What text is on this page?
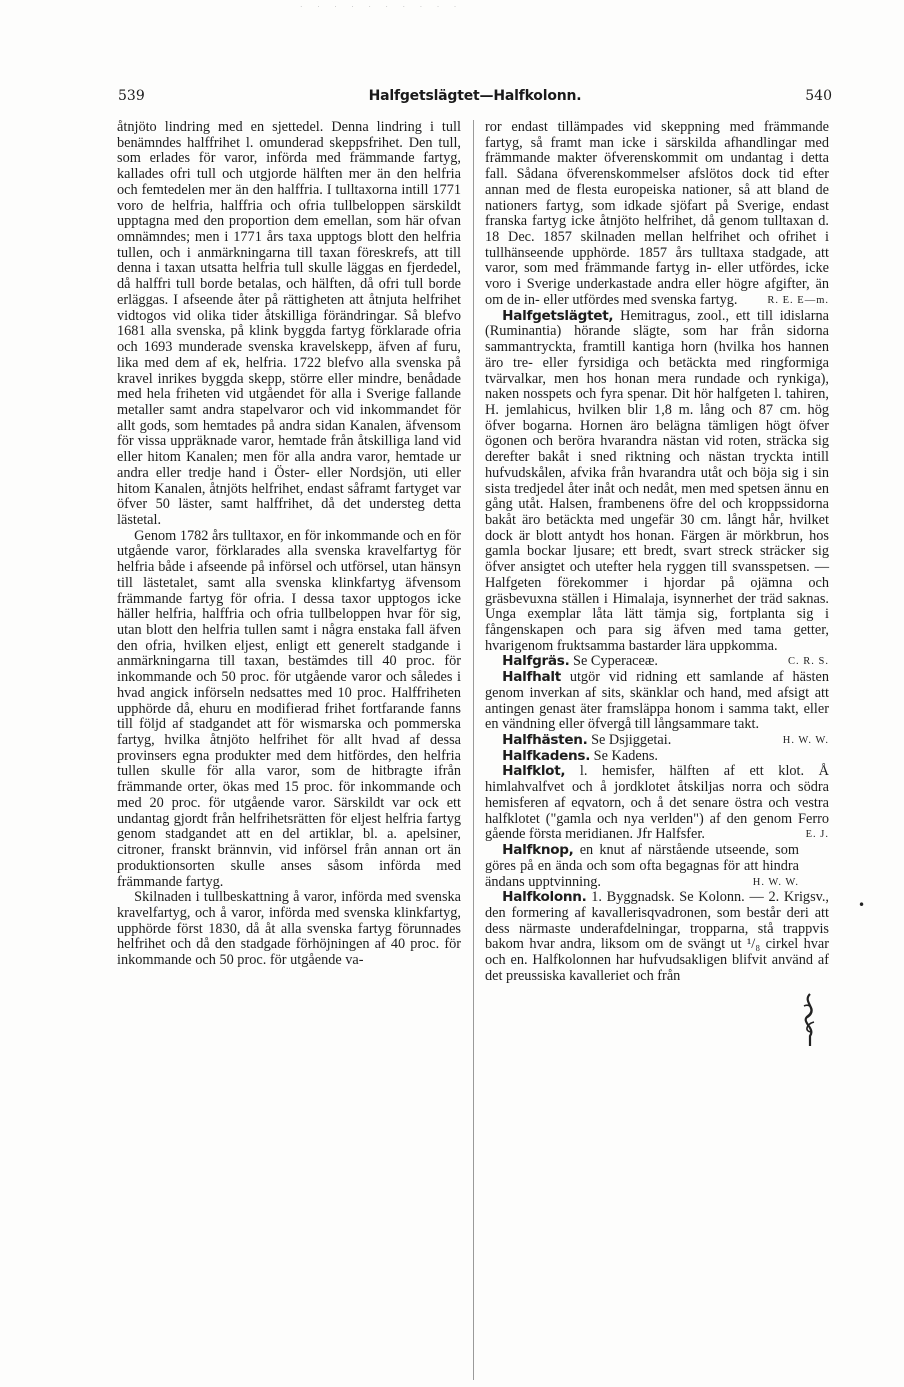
. . . . . . . . . .
539	Halfgetslägtet—Halfkolonn.	540

åtnjöto lindring med en sjettedel. Denna lindring i tull benämndes halffrihet l. omunderad skeppsfrihet. Den tull, som erlades för varor, införda med främmande fartyg, kallades ofri tull och utgjorde hälften mer än den helfria och femtedelen mer än den halffria. I tulltaxorna intill 1771 voro de helfria, halffria och ofria tullbeloppen särskildt upptagna med den proportion dem emellan, som här ofvan omnämndes; men i 1771 års taxa upptogs blott den helfria tullen, och i anmärkningarna till taxan föreskrefs, att till denna i taxan utsatta helfria tull skulle läggas en fjerdedel, då halffri tull borde betalas, och hälften, då ofri tull borde erläggas. I afseende åter på rättigheten att åtnjuta helfrihet vidtogos vid olika tider åtskilliga förändringar. Så blefvo 1681 alla svenska, på klink byggda fartyg förklarade ofria och 1693 munderade svenska kravelskepp, äfven af furu, lika med dem af ek, helfria. 1722 blefvo alla svenska på kravel inrikes byggda skepp, större eller mindre, benådade med hela friheten vid utgåendet för alla i Sverige fallande metaller samt andra stapelvaror och vid inkommandet för allt gods, som hemtades på andra sidan Kanalen, äfvensom för vissa uppräknade varor, hemtade från åtskilliga land vid eller hitom Kanalen; men för alla andra varor, hemtade ur andra eller tredje hand i Öster- eller Nordsjön, uti eller hitom Kanalen, åtnjöts helfrihet, endast såframt fartyget var öfver 50 läster, samt halffrihet, då det understeg detta lästetal.

Genom 1782 års tulltaxor, en för inkommande och en för utgående varor, förklarades alla svenska kravelfartyg för helfria både i afseende på införsel och utförsel, utan hänsyn till lästetalet, samt alla svenska klinkfartyg äfvensom främmande fartyg för ofria. I dessa taxor upptogos icke häller helfria, halffria och ofria tullbeloppen hvar för sig, utan blott den helfria tullen samt i några enstaka fall äfven den ofria, hvilken eljest, enligt ett generelt stadgande i anmärkningarna till taxan, bestämdes till 40 proc. för inkommande och 50 proc. för utgående varor och således i hvad angick införseln nedsattes med 10 proc. Halffriheten upphörde då, ehuru en modifierad frihet fortfarande fanns till följd af stadgandet att för wismarska och pommerska fartyg, hvilka åtnjöto helfrihet för allt hvad af dessa provinsers egna produkter med dem hitfördes, den helfria tullen skulle för alla varor, som de hitbragte ifrån främmande orter, ökas med 15 proc. för inkommande och med 20 proc. för utgående varor. Särskildt var ock ett undantag gjordt från helfrihetsrätten för eljest helfria fartyg genom stadgandet att en del artiklar, bl. a. apelsiner, citroner, franskt brännvin, vid införsel från annan ort än produktionsorten skulle anses såsom införda med främmande fartyg.

Skilnaden i tullbeskattning å varor, införda med svenska kravelfartyg, och å varor, införda med svenska klinkfartyg, upphörde först 1830, då åt alla svenska fartyg förunnades helfrihet och då den stadgade förhöjningen af 40 proc. för inkommande och 50 proc. för utgående va-

ror endast tillämpades vid skeppning med främmande fartyg, så framt man icke i särskilda afhandlingar med främmande makter öfverenskommit om undantag i detta fall. Sådana öfverenskommelser afslötos dock tid efter annan med de flesta europeiska nationer, så att bland de nationers fartyg, som idkade sjöfart på Sverige, endast franska fartyg icke åtnjöto helfrihet, då genom tulltaxan d. 18 Dec. 1857 skilnaden mellan helfrihet och ofrihet i tullhänseende upphörde. 1857 års tulltaxa stadgade, att varor, som med främmande fartyg in- eller utfördes, icke voro i Sverige underkastade andra eller högre afgifter, än om de in- eller utfördes med svenska fartyg.	R. E. E—m.

Halfgetslägtet, Hemitragus, zool., ett till idislarna (Ruminantia) hörande slägte, som har från sidorna sammantryckta, framtill kantiga horn (hvilka hos hannen äro tre- eller fyrsidiga och betäckta med ringformiga tvärvalkar, men hos honan mera rundade och rynkiga), naken nosspets och fyra spenar. Dit hör halfgeten l. tahiren, H. jemlahicus, hvilken blir 1,8 m. lång och 87 cm. hög öfver bogarna. Hornen äro belägna tämligen högt öfver ögonen och beröra hvarandra nästan vid roten, sträcka sig derefter bakåt i sned riktning och nästan tryckta intill hufvudskålen, afvika från hvarandra utåt och böja sig i sin sista tredjedel åter inåt och nedåt, men med spetsen ännu en gång utåt. Halsen, frambenens öfre del och kroppssidorna bakåt äro betäckta med ungefär 30 cm. långt hår, hvilket dock är blott antydt hos honan. Färgen är mörkbrun, hos gamla bockar ljusare; ett bredt, svart streck sträcker sig öfver ansigtet och utefter hela ryggen till svansspetsen. — Halfgeten förekommer i hjordar på ojämna och gräsbevuxna ställen i Himalaja, isynnerhet der träd saknas. Unga exemplar låta lätt tämja sig, fortplanta sig i fångenskapen och para sig äfven med tama getter, hvarigenom fruktsamma bastarder lära uppkomma.
C. R. S.

Halfgräs. Se Cyperaceæ.

Halfhalt utgör vid ridning ett samlande af hästen genom inverkan af sits, skänklar och hand, med afsigt att antingen genast äter framsläppa honom i samma takt, eller en vändning eller öfvergå till långsammare takt.
H. W. W.

Halfhästen. Se Dsjiggetai.

Halfkadens. Se Kadens.

Halfklot, l. hemisfer, hälften af ett klot. Å himlahvalfvet och å jordklotet åtskiljas norra och södra hemisferen af eqvatorn, och å det senare östra och vestra halfklotet ("gamla och nya verlden") af den genom Ferro gående första meridianen. Jfr Halfsfer.	E. J.

Halfknop, en knut af närstående utseende, som göres på en ända och som ofta begagnas för att hindra ändans upptvinning.	H. W. W.

Halfkolonn. 1. Byggnadsk. Se Kolonn. — 2. Krigsv., den formering af kavallerisqvadronen, som består deri att dess närmaste underafdelningar, tropparna, stå trappvis bakom hvar andra, liksom om de svängt ut ¹/₈ cirkel hvar och en. Halfkolonnen har hufvudsakligen blifvit använd af det preussiska kavalleriet och från

•
